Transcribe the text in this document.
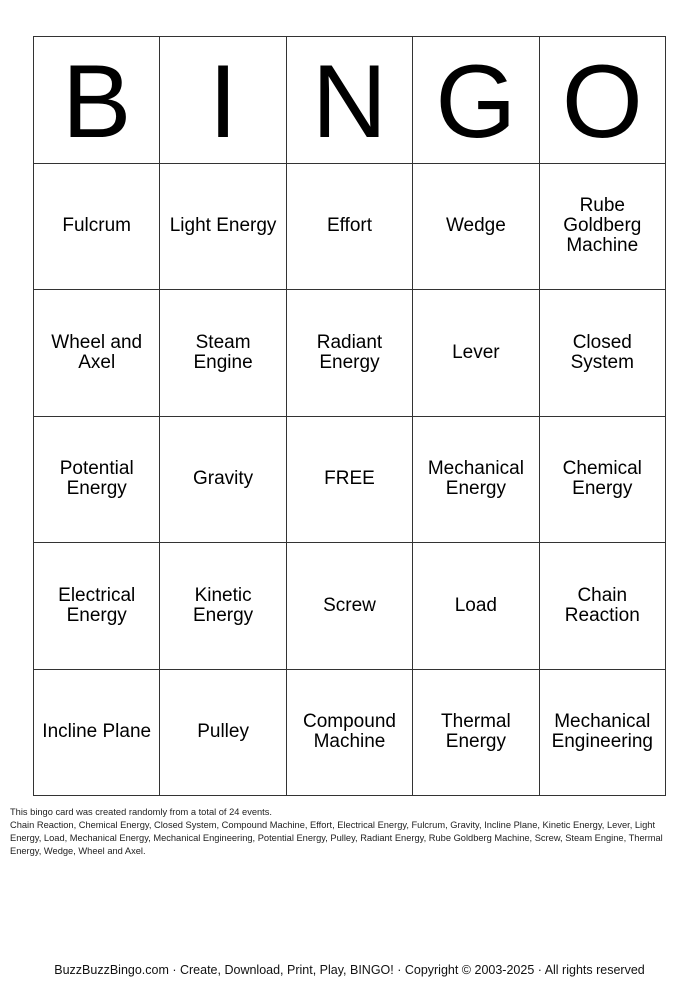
B	I	N	G	O
Fulcrum	Light Energy	Effort	Wedge	Rube Goldberg Machine
Wheel and Axel	Steam Engine	Radiant Energy	Lever	Closed System
Potential Energy	Gravity	FREE	Mechanical Energy	Chemical Energy
Electrical Energy	Kinetic Energy	Screw	Load	Chain Reaction
Incline Plane	Pulley	Compound Machine	Thermal Energy	Mechanical Engineering

This bingo card was created randomly from a total of 24 events.

Chain Reaction, Chemical Energy, Closed System, Compound Machine, Effort, Electrical Energy, Fulcrum, Gravity, Incline Plane, Kinetic Energy, Lever, Light Energy, Load, Mechanical Energy, Mechanical Engineering, Potential Energy, Pulley, Radiant Energy, Rube Goldberg Machine, Screw, Steam Engine, Thermal Energy, Wedge, Wheel and Axel.

BuzzBuzzBingo.com · Create, Download, Print, Play, BINGO! · Copyright © 2003-2025 · All rights reserved
